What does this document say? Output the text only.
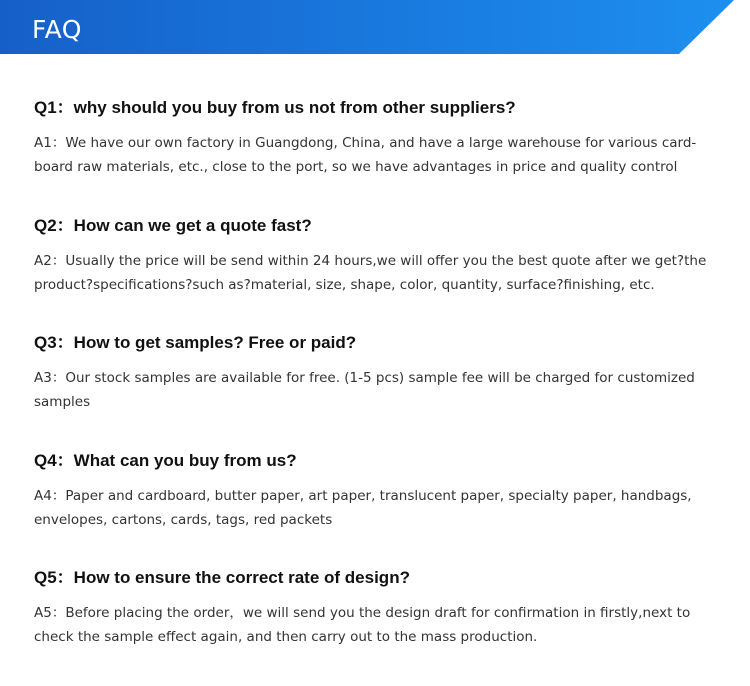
FAQ

Q1：why should you buy from us not from other suppliers?

A1：We have our own factory in Guangdong, China, and have a large warehouse for various card-board raw materials, etc., close to the port, so we have advantages in price and quality control

Q2：How can we get a quote fast?

A2：Usually the price will be send within 24 hours,we will offer you the best quote after we get?the product?specifications?such as?material, size, shape, color, quantity, surface?finishing, etc.

Q3：How to get samples? Free or paid?

A3：Our stock samples are available for free. (1-5 pcs) sample fee will be charged for customized samples

Q4：What can you buy from us?

A4：Paper and cardboard, butter paper, art paper, translucent paper, specialty paper, handbags, envelopes, cartons, cards, tags, red packets

Q5：How to ensure the correct rate of design?

A5：Before placing the order，we will send you the design draft for confirmation in firstly,next to check the sample effect again, and then carry out to the mass production.
